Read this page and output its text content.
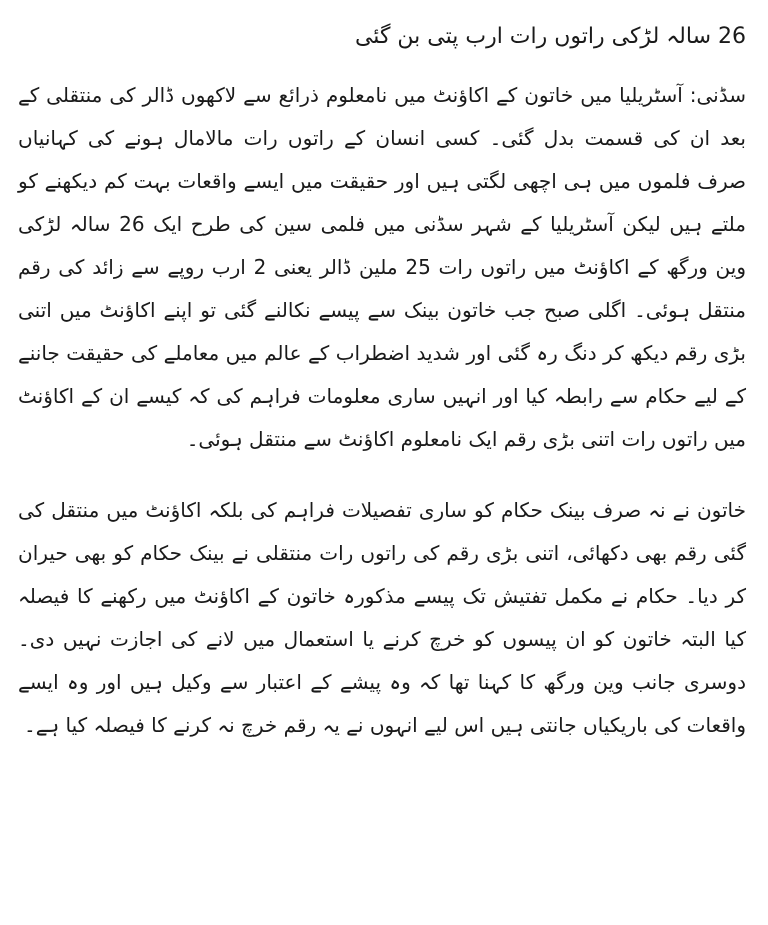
26 سالہ لڑکی راتوں رات ارب پتی بن گئی

سڈنی: آسٹریلیا میں خاتون کے اکاؤنٹ میں نامعلوم ذرائع سے لاکھوں ڈالر کی منتقلی کے بعد ان کی قسمت بدل گئی۔ کسی انسان کے راتوں رات مالامال ہونے کی کہانیاں صرف فلموں میں ہی اچھی لگتی ہیں اور حقیقت میں ایسے واقعات بہت کم دیکھنے کو ملتے ہیں لیکن آسٹریلیا کے شہر سڈنی میں فلمی سین کی طرح ایک 26 سالہ لڑکی وین ورگھ کے اکاؤنٹ میں راتوں رات 25 ملین ڈالر یعنی 2 ارب روپے سے زائد کی رقم منتقل ہوئی۔ اگلی صبح جب خاتون بینک سے پیسے نکالنے گئی تو اپنے اکاؤنٹ میں اتنی بڑی رقم دیکھ کر دنگ رہ گئی اور شدید اضطراب کے عالم میں معاملے کی حقیقت جاننے کے لیے حکام سے رابطہ کیا اور انہیں ساری معلومات فراہم کی کہ کیسے ان کے اکاؤنٹ میں راتوں رات اتنی بڑی رقم ایک نامعلوم اکاؤنٹ سے منتقل ہوئی۔

خاتون نے نہ صرف بینک حکام کو ساری تفصیلات فراہم کی بلکہ اکاؤنٹ میں منتقل کی گئی رقم بھی دکھائی، اتنی بڑی رقم کی راتوں رات منتقلی نے بینک حکام کو بھی حیران کر دیا۔ حکام نے مکمل تفتیش تک پیسے مذکورہ خاتون کے اکاؤنٹ میں رکھنے کا فیصلہ کیا البتہ خاتون کو ان پیسوں کو خرچ کرنے یا استعمال میں لانے کی اجازت نہیں دی۔ دوسری جانب وین ورگھ کا کہنا تھا کہ وہ پیشے کے اعتبار سے وکیل ہیں اور وہ ایسے واقعات کی باریکیاں جانتی ہیں اس لیے انہوں نے یہ رقم خرچ نہ کرنے کا فیصلہ کیا ہے۔
